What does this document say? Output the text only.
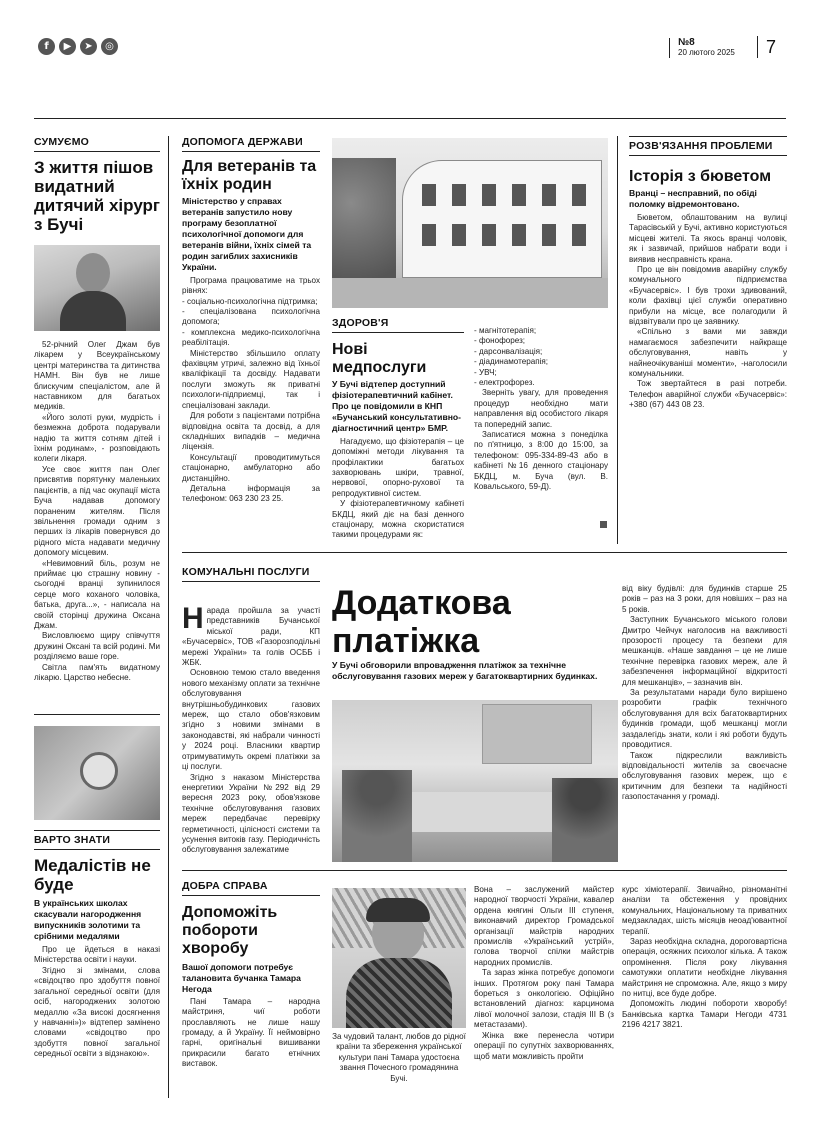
f	▶	➤	◎	№8
20 лютого 2025	7
СУМУЄМО
З життя пішов видатний дитячий хірург з Бучі

52-річний Олег Джам був лікарем у Всеукраїнському центрі материнства та дитинства НАМН. Він був не лише блискучим спеціалістом, але й наставником для багатьох медиків.

«Його золоті руки, мудрість і безмежна доброта подарували надію та життя сотням дітей і їхнім родинам», - розповідають колеги лікаря.

Усе своє життя пан Олег присвятив порятунку маленьких пацієнтів, а під час окупації міста Буча надавав допомогу пораненим жителям. Після звільнення громади одним з перших із лікарів повернувся до рідного міста надавати медичну допомогу місцевим.

«Невимовний біль, розум не приймає цю страшну новину - сьогодні вранці зупинилося серце мого коханого чоловіка, батька, друга...», - написала на своїй сторінці дружина Оксана Джам.

Висловлюємо щиру співчуття дружині Оксані та всій родині. Ми розділяємо ваше горе.

Світла пам'ять видатному лікарю. Царство небесне.

ВАРТО ЗНАТИ
Медалістів не буде
В українських школах скасували нагородження випускників золотими та срібними медалями

Про це йдеться в наказі Міністерства освіти і науки.

Згідно зі змінами, слова «свідоцтво про здобуття повної загальної середньої освіти (для осіб, нагороджених золотою медаллю «За високі досягнення у навчанні»)» відтепер замінено словами «свідоцтво про здобуття повної загальної середньої освіти з відзнакою».

ДОПОМОГА ДЕРЖАВИ
Для ветеранів та їхніх родин
Міністерство у справах ветеранів запустило нову програму безоплатної психологічної допомоги для ветеранів війни, їхніх сімей та родин загиблих захисників України.

Програма працюватиме на трьох рівнях:

- соціально-психологічна підтримка;
- спеціалізована психологічна допомога;
- комплексна медико-психологічна реабілітація.

Міністерство збільшило оплату фахівцям утричі, залежно від їхньої кваліфікації та досвіду. Надавати послуги зможуть як приватні психологи-підприємці, так і спеціалізовані заклади.

Для роботи з пацієнтами потрібна відповідна освіта та досвід, а для складніших випадків – медична ліцензія.

Консультації проводитимуться стаціонарно, амбулаторно або дистанційно.

Детальна інформація за телефоном: 063 230 23 25.

ЗДОРОВ'Я
Нові медпослуги
У Бучі відтепер доступний фізіотерапевтичний кабінет. Про це повідомили в КНП «Бучанський консультативно-діагностичний центр» БМР.

Нагадуємо, що фізіотерапія – це допоміжні методи лікування та профілактики багатьох захворювань шкіри, травної, нервової, опорно-рухової та репродуктивної систем.

У фізіотерапевтичному кабінеті БКДЦ, який діє на базі денного стаціонару, можна скористатися такими процедурами як:

- магнітотерапія;
- фонофорез;
- дарсонвалізація;
- діадинамотерапія;
- УВЧ;
- електрофорез.

Зверніть увагу, для проведення процедур необхідно мати направлення від особистого лікаря та попередній запис.

Записатися можна з понеділка по п'ятницю, з 8:00 до 15:00, за телефоном: 095-334-89-43 або в кабінеті №16 денного стаціонару БКДЦ, м. Буча (вул. В. Ковальського, 59-Д).

РОЗВ'ЯЗАННЯ ПРОБЛЕМИ
Історія з бюветом
Вранці – несправний, по обіді поломку відремонтовано.

Бюветом, облаштованим на вулиці Тарасівській у Бучі, активно користуються місцеві жителі. Та якось вранці чоловік, як і зазвичай, прийшов набрати води і виявив несправність крана.

Про це він повідомив аварійну службу комунального підприємства «Бучасервіс». І був трохи здивований, коли фахівці цієї служби оперативно прибули на місце, все полагодили й відзвітували про це заявнику.

«Спільно з вами ми завжди намагаємося забезпечити найкраще обслуговування, навіть у найнеочікуваніші моменти», -наголосили комунальники.

Тож звертайтеся в разі потреби. Телефон аварійної служби «Бучасервіс»: +380 (67) 443 08 23.

КОМУНАЛЬНІ ПОСЛУГИ
Н арада пройшла за участі представників Бучанської міської ради, КП «Бучасервіс», ТОВ «Газорозподільні мережі України» та голів ОСББ і ЖБК.

Основною темою стало введення нового механізму оплати за технічне обслуговування внутрішньобудинкових газових мереж, що стало обов'язковим згідно з новими змінами в законодавстві, які набрали чинності у 2024 році. Власники квартир отримуватимуть окремі платіжки за ці послуги.

Згідно з наказом Міністерства енергетики України №292 від 29 вересня 2023 року, обов'язкове технічне обслуговування газових мереж передбачає перевірку герметичності, цілісності системи та усунення витоків газу. Періодичність обслуговування залежатиме

Додаткова платіжка
У Бучі обговорили впровадження платіжок за технічне обслуговування газових мереж у багатоквартирних будинках.

від віку будівлі: для будинків старше 25 років – раз на 3 роки, для новіших – раз на 5 років.

Заступник Бучанського міського голови Дмитро Чейчук наголосив на важливості прозорості процесу та безпеки для мешканців. «Наше завдання – це не лише технічне перевірка газових мереж, але й забезпечення інформаційної відкритості для мешканців», – зазначив він.

За результатами наради було вирішено розробити графік технічного обслуговування для всіх багатоквартирних будинків громади, щоб мешканці могли заздалегідь знати, коли і які роботи будуть проводитися.

Також підкреслили важливість відповідальності жителів за своєчасне обслуговування газових мереж, що є критичним для безпеки та надійності газопостачання у громаді.

ДОБРА СПРАВА
Допоможіть побороти хворобу
Вашої допомоги потребує талановита бучанка Тамара Негода

Пані Тамара – народна майстриня, чиї роботи прославляють не лише нашу громаду, а й Україну. Її неймовірно гарні, оригінальні вишиванки прикрасили багато етнічних виставок.

За чудовий талант, любов до рідної країни та збереження української культури пані Тамара удостоєна звання Почесного громадянина Бучі.

Вона – заслужений майстер народної творчості України, кавалер ордена княгині Ольги III ступеня, виконавчий директор Громадської організації майстрів народних промислів «Український устрій», голова творчої спілки майстрів народних промислів.

Та зараз жінка потребує допомоги інших. Протягом року пані Тамара бореться з онкологією. Офіційно встановлений діагноз: карцинома лівої молочної залози, стадія III B (з метастазами).

Жінка вже перенесла чотири операції по супутніх захворюваннях, щоб мати можливість пройти

курс хіміотерапії. Звичайно, різноманітні аналізи та обстеження у провідних комунальних, Національному та приватних медзакладах, шість місяців неоад'ювантної терапії.

Зараз необхідна складна, дороговартісна операція, осяжних психолог кілька. А також опромінення. Після року лікування самотужки оплатити необхідне лікування майстриня не спроможна. Але, якщо з миру по нитці, все буде добре.

Допоможіть людині побороти хворобу! Банківська картка Тамари Негоди 4731 2196 4217 3821.
